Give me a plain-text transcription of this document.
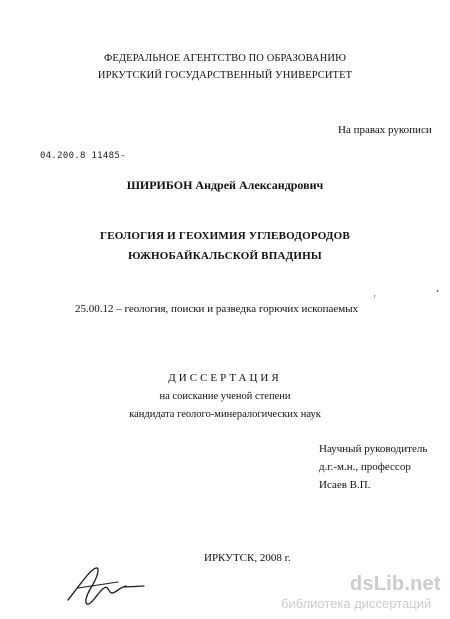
ФЕДЕРАЛЬНОЕ АГЕНТСТВО ПО ОБРАЗОВАНИЮ
ИРКУТСКИЙ ГОСУДАРСТВЕННЫЙ УНИВЕРСИТЕТ
На правах рукописи
04.200.8 11485-
ШИРИБОН Андрей Александрович
ГЕОЛОГИЯ И ГЕОХИМИЯ УГЛЕВОДОРОДОВ
ЮЖНОБАЙКАЛЬСКОЙ ВПАДИНЫ
¸
r
25.00.12 – геология, поиски и разведка горючих ископаемых
ДИССЕРТАЦИЯ
на соискание ученой степени
кандидата геолого-минералогических наук
Научный руководитель
д.г.-м.н., профессор
Исаев В.П.
ИРКУТСК, 2008 г.
dsLib.net
библиотека диссертаций
